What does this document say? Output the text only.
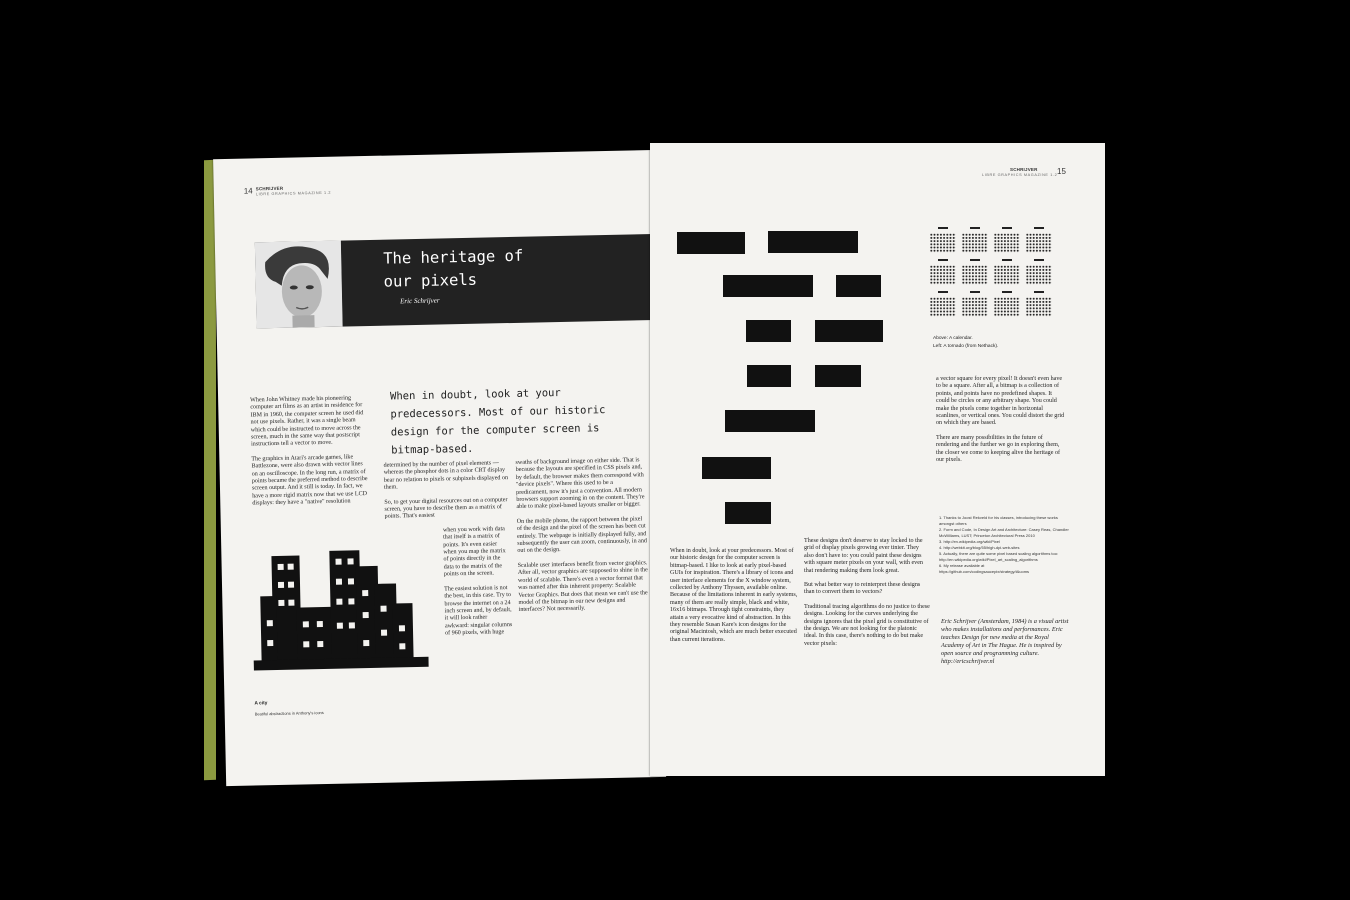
14 SCHRIJVER
LIBRE GRAPHICS MAGAZINE 1.2
The heritage of
our pixels
Eric Schrijver
When in doubt, look at your
predecessors. Most of our historic
design for the computer screen is
bitmap-based.

When John Whitney made his pioneering computer art films as an artist in residence for IBM in 1960, the computer screen he used did not use pixels. Rather, it was a single beam which could be instructed to move across the screen, much in the same way that postscript instructions tell a vector to move.

The graphics in Atari's arcade games, like Battlezone, were also drawn with vector lines on an oscilloscope. In the long run, a matrix of points became the preferred method to describe screen output. And it still is today. In fact, we have a more rigid matrix now that we use LCD displays: they have a "native" resolution

A city
Beatiful abstractions in Anthony's icons

determined by the number of pixel elements — whereas the phosphor dots in a color CRT display bear no relation to pixels or subpixels displayed on them.

So, to get your digital resources out on a computer screen, you have to describe them as a matrix of points. That's easiest

when you work with data that itself is a matrix of points. It's even easier when you map the matrix of points directly in the data to the matrix of the points on the screen.

The easiest solution is not the best, in this case. Try to browse the internet on a 24 inch screen and, by default, it will look rather awkward: singular columns of 960 pixels, with huge

swaths of background image on either side. That is because the layouts are specified in CSS pixels and, by default, the browser makes them correspond with "device pixels". Where this used to be a predicament, now it's just a convention. All modern browsers support zooming in on the content. They're able to make pixel-based layouts smaller or bigger.

On the mobile phone, the rapport between the pixel of the design and the pixel of the screen has been cut entirely. The webpage is initially displayed fully, and subsequently the user can zoom, continuously, in and out on the design.

Scalable user interfaces benefit from vector graphics. After all, vector graphics are supposed to shine in the world of scalable. There's even a vector format that was named after this inherent property: Scalable Vector Graphics. But does that mean we can't use the model of the bitmap in our new designs and interfaces? Not necessarily.

15
SCHRIJVER
LIBRE GRAPHICS MAGAZINE 1.2
Above: A calendar.
Left: A tornado (from Nethack).

When in doubt, look at your predecessors. Most of our historic design for the computer screen is bitmap-based. I like to look at early pixel-based GUIs for inspiration. There's a library of icons and user interface elements for the X window system, collected by Anthony Thyssen, available online. Because of the limitations inherent in early systems, many of them are really simple, black and white, 16x16 bitmaps. Through tight constraints, they attain a very evocative kind of abstraction. In this they resemble Susan Kare's icon designs for the original Macintosh, which are much better executed than current iterations.

These designs don't deserve to stay locked to the grid of display pixels growing ever tinier. They also don't have to: you could paint these designs with square meter pixels on your wall, with even that rendering making them look great.

But what better way to reinterpret these designs than to convert them to vectors?

Traditional tracing algorithms do no justice to these designs. Looking for the curves underlying the designs ignores that the pixel grid is constitutive of the design. We are not looking for the platonic ideal. In this case, there's nothing to do but make vector pixels:

a vector square for every pixel! It doesn't even have to be a square. After all, a bitmap is a collection of points, and points have no predefined shapes. It could be circles or any arbitrary shape. You could make the pixels come together in horizontal scanlines, or vertical ones. You could distort the grid on which they are based.

There are many possibilities in the future of rendering and the further we go in exploring them, the closer we come to keeping alive the heritage of our pixels.

1. Thanks to Joost Rekveld for his classes, introducing these works amongst others
2. Form and Code, In Design Art and Architecture: Casey Reas, Chandler McWilliams, LUST; Princeton Architectural Press 2010
3. http://en.wikipedia.org/wiki/Pixel
4. http://webkit.org/blog/55/high-dpi-web-sites
5. Actually, there are quite some pixel based scaling algorithms too:
http://en.wikipedia.org/wiki/Pixel_art_scaling_algorithms
6. My release available at
https://github.com/codingsaucepix/strategy/Aluoms
Eric Schrijver (Amsterdam, 1984) is a visual artist who makes installations and performances. Eric teaches Design for new media at the Royal Academy of Art in The Hague. He is inspired by open source and programming culture. http://ericschrijver.nl
